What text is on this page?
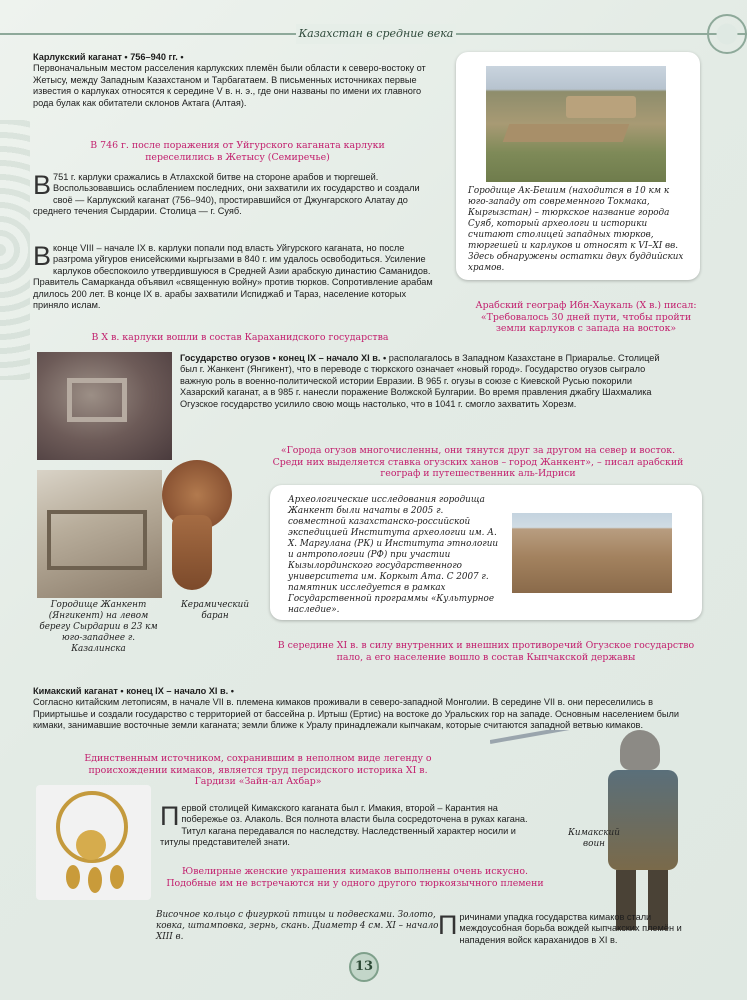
Казахстан в средние века
Карлукский каганат • 756–940 гг. •
Первоначальным местом расселения карлукских племён были области к северо-востоку от Жетысу, между Западным Казахстаном и Тарбагатаем. В письменных источниках первые известия о карлуках относятся к середине V в. н. э., где они названы по имени их главного рода булак как обитатели склонов Актага (Алтая).
В 746 г. после поражения от Уйгурского каганата карлуки переселились в Жетысу (Семиречье)
В 751 г. карлуки сражались в Атлахской битве на стороне арабов и тюргешей. Воспользовавшись ослаблением последних, они захватили их государство и создали своё — Карлукский каганат (756–940), простиравшийся от Джунгарского Алатау до среднего течения Сырдарии. Столица — г. Суяб.
В конце VIII – начале IX в. карлуки попали под власть Уйгурского каганата, но после разгрома уйгуров енисейскими кыргызами в 840 г. им удалось освободиться. Усиление карлуков обеспокоило утвердившуюся в Средней Азии арабскую династию Саманидов. Правитель Самарканда объявил «священную войну» против тюрков. Сопротивление арабам длилось 200 лет. В конце IX в. арабы захватили Испиджаб и Тараз, население которых приняло ислам.
В X в. карлуки вошли в состав Караханидского государства
Городище Ак-Бешим (находится в 10 км к юго-западу от современного Токмака, Кыргызстан) – тюркское название города Суяб, который археологи и историки считают столицей западных тюрков, тюргешей и карлуков и относят к VI–XI вв. Здесь обнаружены остатки двух буддийских храмов.
Арабский географ Ибн-Хаукаль (X в.) писал: «Требовалось 30 дней пути, чтобы пройти земли карлуков с запада на восток»
Государство огузов • конец IX – начало XI в. • располагалось в Западном Казахстане в Приаралье. Столицей был г. Жанкент (Янгикент), что в переводе с тюркского означает «новый город». Государство огузов сыграло важную роль в военно-политической истории Евразии. В 965 г. огузы в союзе с Киевской Русью покорили Хазарский каганат, а в 985 г. нанесли поражение Волжской Булгарии. Во время правления джабгу Шахмалика Огузское государство усилило свою мощь настолько, что в 1041 г. смогло захватить Хорезм.
«Города огузов многочисленны, они тянутся друг за другом на север и восток. Среди них выделяется ставка огузских ханов – город Жанкент», – писал арабский географ и путешественник аль-Идриси
Городище Жанкент (Янгикент) на левом берегу Сырдарии в 23 км юго-западнее г. Казалинска
Керамический баран
Археологические исследования городища Жанкент были начаты в 2005 г. совместной казахстанско-российской экспедицией Института археологии им. А. Х. Маргулана (РК) и Института этнологии и антропологии (РФ) при участии Кызылординского государственного университета им. Коркыт Ата. С 2007 г. памятник исследуется в рамках Государственной программы «Культурное наследие».
В середине XI в. в силу внутренних и внешних противоречий Огузское государство пало, а его население вошло в состав Кыпчакской державы
Кимакский каганат • конец IX – начало XI в. •
Согласно китайским летописям, в начале VII в. племена кимаков проживали в северо-западной Монголии. В середине VII в. они переселились в Прииртышье и создали государство с территорией от бассейна р. Иртыш (Ертис) на востоке до Уральских гор на западе. Основным населением были кимаки, занимавшие восточные земли каганата; земли ближе к Уралу принадлежали кыпчакам, которые считаются западной ветвью кимаков.
Единственным источником, сохранившим в неполном виде легенду о происхождении кимаков, является труд персидского историка XI в. Гардизи «Зайн-ал Ахбар»
Первой столицей Кимакского каганата был г. Имакия, второй – Карантия на побережье оз. Алаколь. Вся полнота власти была сосредоточена в руках кагана. Титул кагана передавался по наследству. Наследственный характер носили и титулы представителей знати.
Ювелирные женские украшения кимаков выполнены очень искусно. Подобные им не встречаются ни у одного другого тюркоязычного племени
Височное кольцо с фигуркой птицы и подвесками. Золото, ковка, штамповка, зернь, скань. Диаметр 4 см. XI – начало XIII в.
Кимакский воин
Причинами упадка государства кимаков стали междоусобная борьба вождей кыпчакских племён и нападения войск караханидов в XI в.
13
